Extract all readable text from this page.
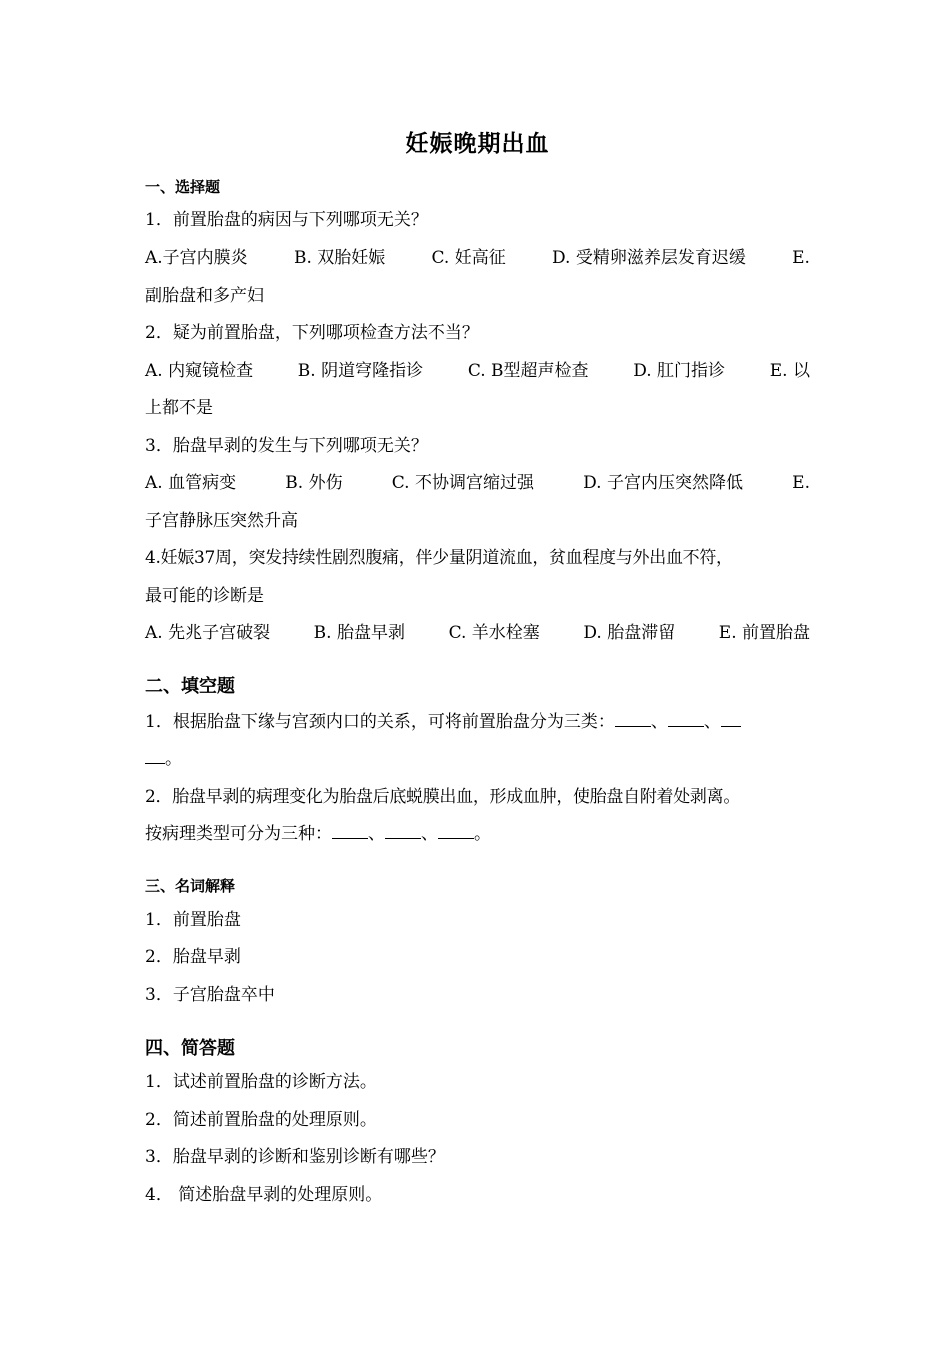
妊娠晚期出血
一、选择题

1．前置胎盘的病因与下列哪项无关？

A.子宫内膜炎	B. 双胎妊娠	C. 妊高征	D. 受精卵滋养层发育迟缓	E.

副胎盘和多产妇

2．疑为前置胎盘，下列哪项检查方法不当？

A. 内窥镜检查	B. 阴道穹隆指诊	C. B型超声检查	D. 肛门指诊	E. 以

上都不是

3．胎盘早剥的发生与下列哪项无关？

A. 血管病变	B. 外伤	C. 不协调宫缩过强	D. 子宫内压突然降低	E.

子宫静脉压突然升高

4.妊娠37周，突发持续性剧烈腹痛，伴少量阴道流血，贫血程度与外出血不符，

最可能的诊断是

A. 先兆子宫破裂	B. 胎盘早剥	C. 羊水栓塞	D. 胎盘滞留	E. 前置胎盘

二、填空题

1．根据胎盘下缘与宫颈内口的关系，可将前置胎盘分为三类： 、 、

。

2．胎盘早剥的病理变化为胎盘后底蜕膜出血，形成血肿，使胎盘自附着处剥离。

按病理类型可分为三种： 、 、 。

三、名词解释

1．前置胎盘

2．胎盘早剥

3．子宫胎盘卒中

四、简答题

1．试述前置胎盘的诊断方法。

2．简述前置胎盘的处理原则。

3．胎盘早剥的诊断和鉴别诊断有哪些？

4． 简述胎盘早剥的处理原则。
